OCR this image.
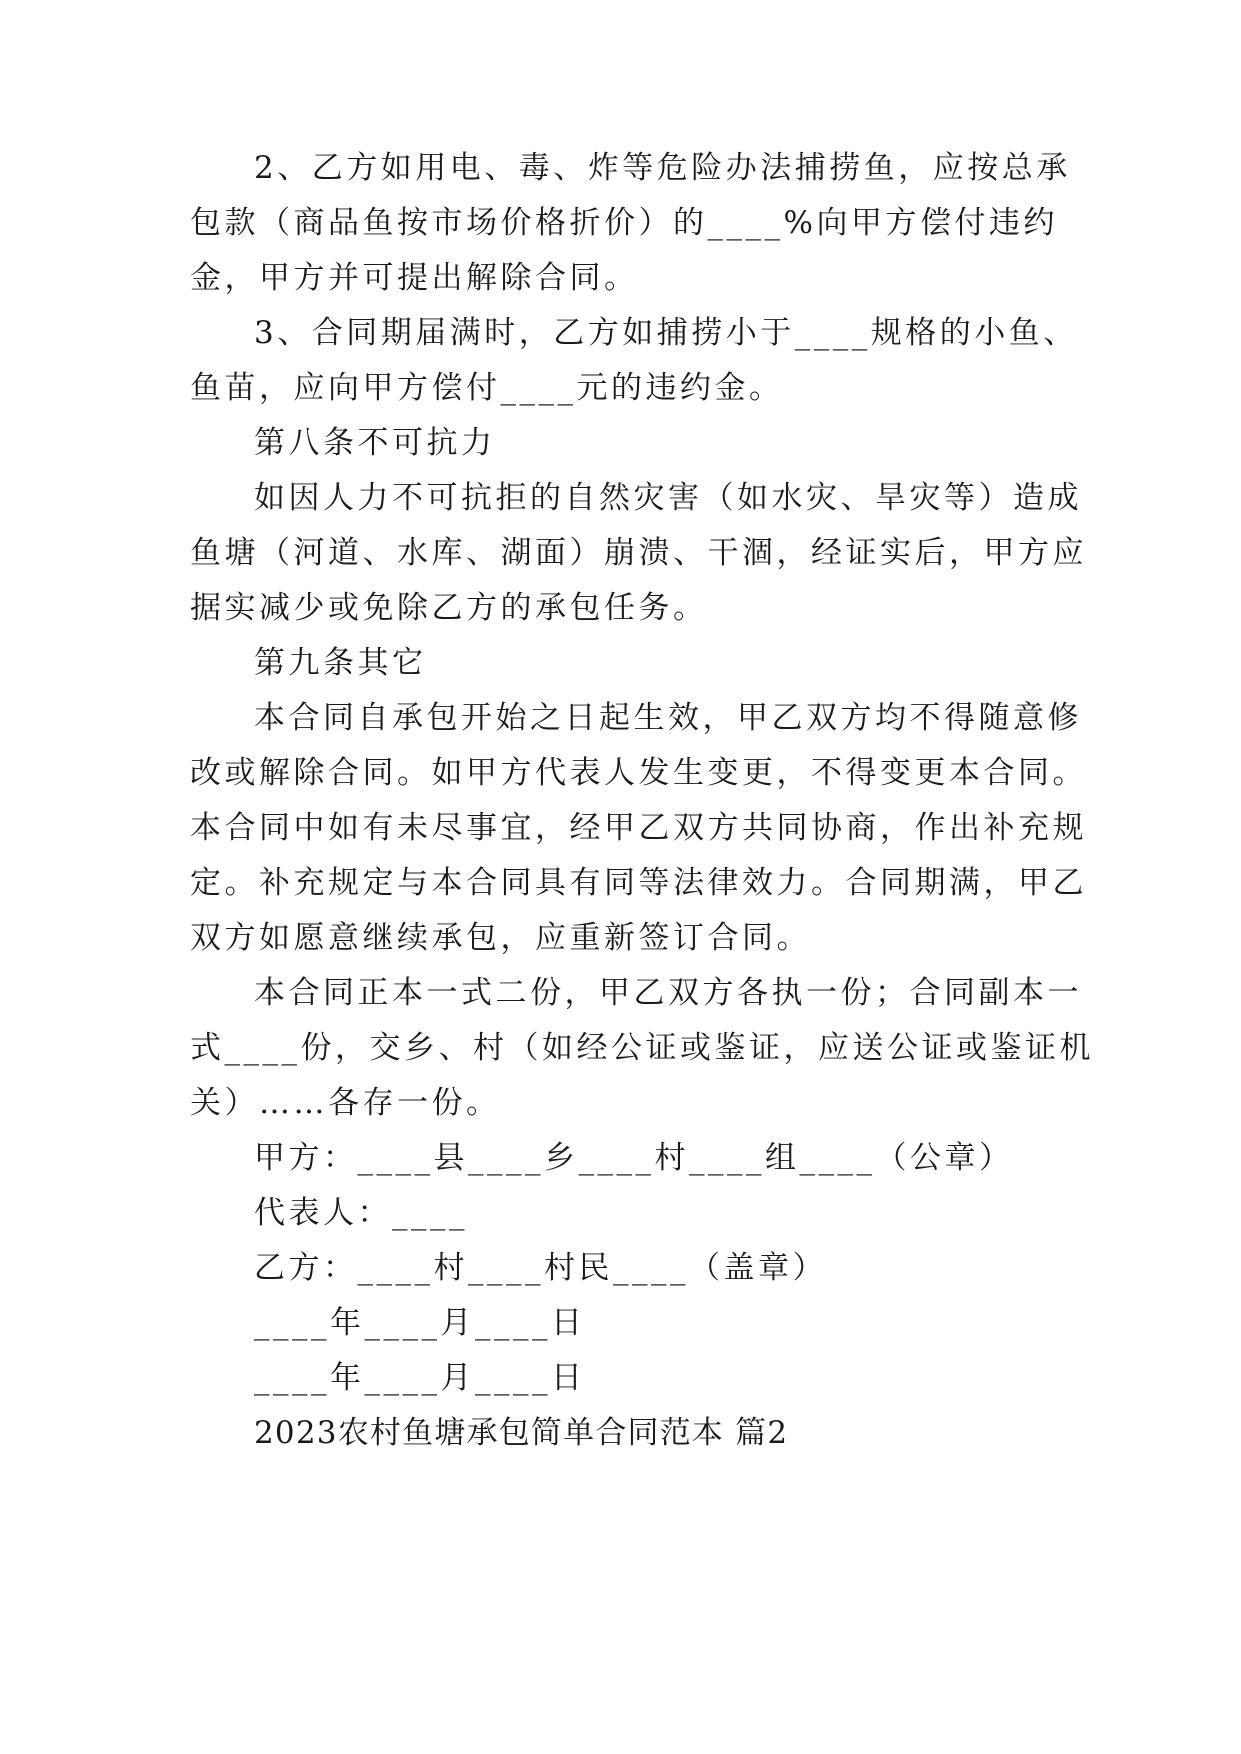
2、乙方如用电、毒、炸等危险办法捕捞鱼，应按总承
包款（商品鱼按市场价格折价）的____%向甲方偿付违约
金，甲方并可提出解除合同。
3、合同期届满时，乙方如捕捞小于____规格的小鱼、
鱼苗，应向甲方偿付____元的违约金。
第八条不可抗力
如因人力不可抗拒的自然灾害（如水灾、旱灾等）造成
鱼塘（河道、水库、湖面）崩溃、干涸，经证实后，甲方应
据实减少或免除乙方的承包任务。
第九条其它
本合同自承包开始之日起生效，甲乙双方均不得随意修
改或解除合同。如甲方代表人发生变更，不得变更本合同。
本合同中如有未尽事宜，经甲乙双方共同协商，作出补充规
定。补充规定与本合同具有同等法律效力。合同期满，甲乙
双方如愿意继续承包，应重新签订合同。
本合同正本一式二份，甲乙双方各执一份；合同副本一
式____份，交乡、村（如经公证或鉴证，应送公证或鉴证机
关）……各存一份。
甲方：____县____乡____村____组____（公章）
代表人：____
乙方：____村____村民____（盖章）
____年____月____日
____年____月____日
2023农村鱼塘承包简单合同范本 篇2
